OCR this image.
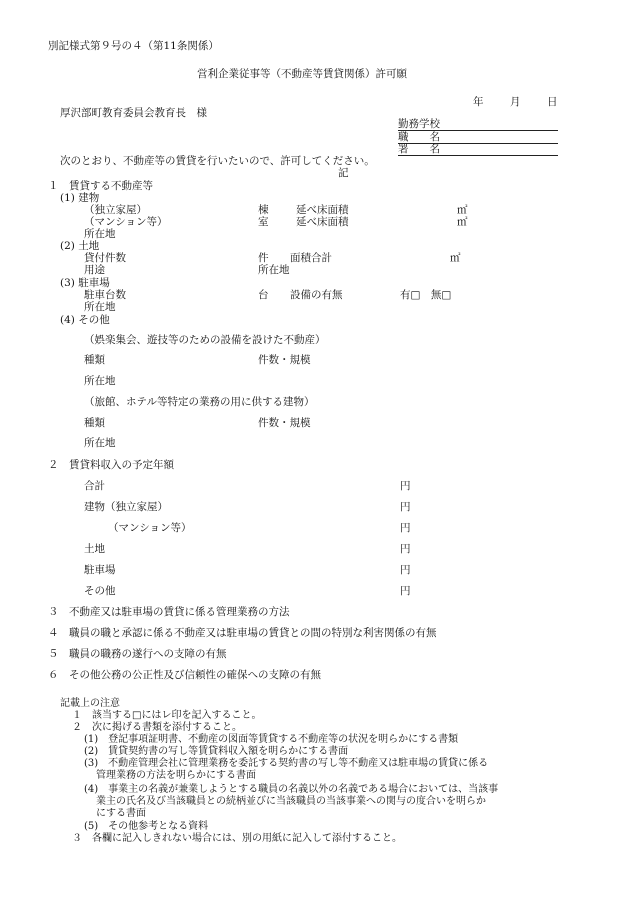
別記様式第９号の４（第11条関係）
営利企業従事等（不動産等賃貸関係）許可願
年	月	日
厚沢部町教育委員会教育長　様
勤務学校
職　　名
署　　名
次のとおり、不動産等の賃貸を行いたいので、許可してください。
記
１　賃貸する不動産等
(1) 建物
（独立家屋）	棟	延べ床面積	㎡
（マンション等）	室	延べ床面積	㎡
所在地
(2) 土地
貸付件数	件 面積合計	㎡
用途	所在地
(3) 駐車場
駐車台数	台 設備の有無	有□　無□
所在地
(4) その他
（娯楽集会、遊技等のための設備を設けた不動産）
種類	件数・規模
所在地
（旅館、ホテル等特定の業務の用に供する建物）
種類	件数・規模
所在地
２　賃貸料収入の予定年額
合計	円
建物（独立家屋）	円
（マンション等）	円
土地	円
駐車場	円
その他	円
３　不動産又は駐車場の賃貸に係る管理業務の方法
４　職員の職と承認に係る不動産又は駐車場の賃貸との間の特別な利害関係の有無
５　職員の職務の遂行への支障の有無
６　その他公務の公正性及び信頼性の確保への支障の有無
記載上の注意
１　該当する□にはレ印を記入すること。
２　次に掲げる書類を添付すること。
(1)　登記事項証明書、不動産の図面等賃貸する不動産等の状況を明らかにする書類
(2)　賃貸契約書の写し等賃貸料収入額を明らかにする書面
(3)　不動産管理会社に管理業務を委託する契約書の写し等不動産又は駐車場の賃貸に係る
管理業務の方法を明らかにする書面
(4)　事業主の名義が兼業しようとする職員の名義以外の名義である場合においては、当該事
業主の氏名及び当該職員との続柄並びに当該職員の当該事業への関与の度合いを明らか
にする書面
(5)　その他参考となる資料
３　各欄に記入しきれない場合には、別の用紙に記入して添付すること。
